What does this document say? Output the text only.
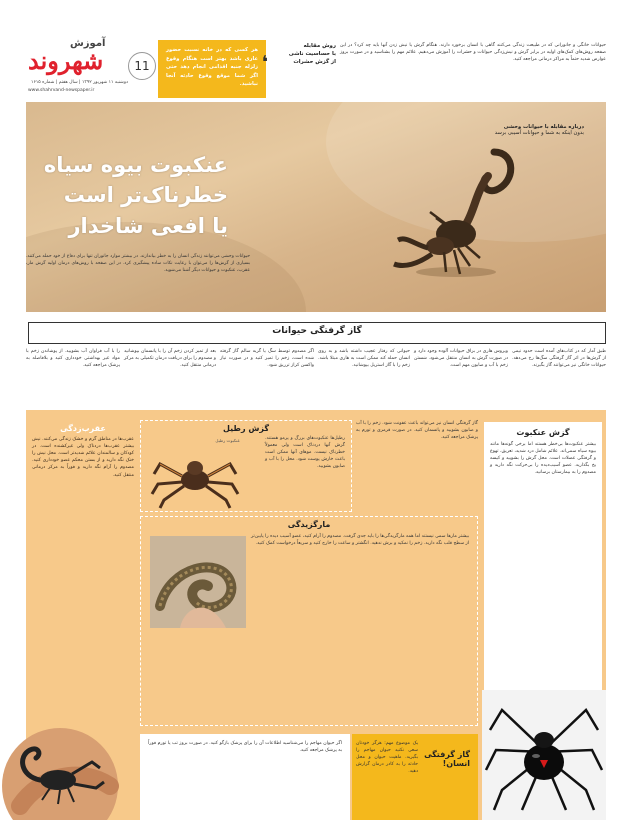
آموزش
شهروند
دوشنبه ۱۱ شهریور ۱۳۹۲ | سال هفتم | شماره ۱۶۱۵
www.shahrvand-newspaper.ir
11
هر کسی که در خانه نسبت حضور عاری باشد بهتر است هنگام وقوع زلزله جنبه اقدامی انجام دهد حتی اگر شما موقع وقوع حادثه آنجا نباشید.
❛
روش مقابله
با حساسیت ناشی
از گزش حشرات
حیوانات خانگی و جانورانی که در طبیعت زندگی می‌کنند گاهی با انسان برخورد دارند. هنگام گزش یا نیش زدن آنها باید چه کرد؟ در این صفحه روش‌های کمک‌های اولیه در برابر گزش و نیش‌زدگی حیوانات و حشرات را آموزش می‌دهیم. علائم مهم را بشناسید و در صورت بروز عوارض شدید حتماً به مراکز درمانی مراجعه کنید.
درباره مقابله با حیوانات وحشی
بدون اینکه به شما و حیوانات آسیبی برسد
عنکبوت بیوه سیاه
خطرناک‌تر است
یا افعی شاخدار
حیوانات وحشی می‌توانند زندگی انسان را به خطر بیاندازند. در بیشتر موارد جانوران تنها برای دفاع از خود حمله می‌کنند. بسیاری از گزش‌ها را می‌توان با رعایت نکات ساده پیشگیری کرد. در این صفحه با روش‌های درمان اولیه گزش مار، عقرب، عنکبوت و حیوانات دیگر آشنا می‌شوید.
گاز گرفتگی حیوانات
طبق آمار که در کتاب‌های آمده است حدود نیمی از گزش‌ها در اثر گاز گرفتگی سگ‌ها رخ می‌دهد. حیوانات خانگی نیز می‌توانند گاز بگیرند.
ویروس هاری در بزاق حیوانات آلوده وجود دارد و در صورت گزش به انسان منتقل می‌شود. شستن زخم با آب و صابون مهم است.
حیوانی که رفتار عجیب داشته باشد و به روی انسان حمله کند ممکن است به هاری مبتلا باشد. زخم را با گاز استریل بپوشانید.
اگر مصدوم توسط سگ یا گربه سالم گاز گرفته شده است، زخم را تمیز کنید و در صورت نیاز واکسن کزاز تزریق شود.
بعد از تمیز کردن زخم آن را با پانسمان بپوشانید و مصدوم را برای دریافت درمان تکمیلی به مرکز درمانی منتقل کنید.
را با آب فراوان آب بشویید. از پوشاندن زخم با مواد غیر بهداشتی خودداری کنید و بلافاصله به پزشک مراجعه کنید.
گزش عنکبوت
بیشتر عنکبوت‌ها بی‌خطر هستند اما برخی گونه‌ها مانند بیوه سیاه سمی‌اند. علائم شامل درد شدید، تعریق، تهوع و گرفتگی عضلات است. محل گزش را بشویید و کیسه یخ بگذارید. عضو آسیب‌دیده را بی‌حرکت نگه دارید و مصدوم را به بیمارستان برسانید.
گاز گرفتگی انسان نیز می‌تواند باعث عفونت شود. زخم را با آب و صابون بشویید و پانسمان کنید. در صورت قرمزی و تورم به پزشک مراجعه کنید.
گزش رطیل
رطیل‌ها عنکبوت‌های بزرگ و پرمو هستند. گزش آنها دردناک است ولی معمولاً خطرناک نیست. موهای آنها ممکن است باعث خارش پوست شود. محل را با آب و صابون بشویید.
عنکبوت رطیل
عقرب‌زدگی
عقرب‌ها در مناطق گرم و خشک زندگی می‌کنند. نیش بیشتر عقرب‌ها دردناک ولی غیرکشنده است. در کودکان و سالمندان علائم شدیدتر است. محل نیش را خنک نگه دارید و از بستن محکم عضو خودداری کنید. مصدوم را آرام نگه دارید و فوراً به مرکز درمانی منتقل کنید.
مارگزیدگی
بیشتر مارها سمی نیستند اما همه مارگزیدگی‌ها را باید جدی گرفت. مصدوم را آرام کنید، عضو آسیب دیده را پایین‌تر از سطح قلب نگه دارید. زخم را نمکید و برش ندهید. انگشتر و ساعت را خارج کنید و سریعاً درخواست کمک کنید.
گاز گرفتگی
انسان!
یک موضوع مهم: هرگز خودتان سعی نکنید حیوان مهاجم را بگیرید. ماهیت حیوان و محل حادثه را به کادر درمان گزارش دهید.
اگر حیوان مهاجم را می‌شناسید اطلاعات آن را برای پزشک بازگو کنید. در صورت بروز تب یا تورم فوراً به پزشک مراجعه کنید.
